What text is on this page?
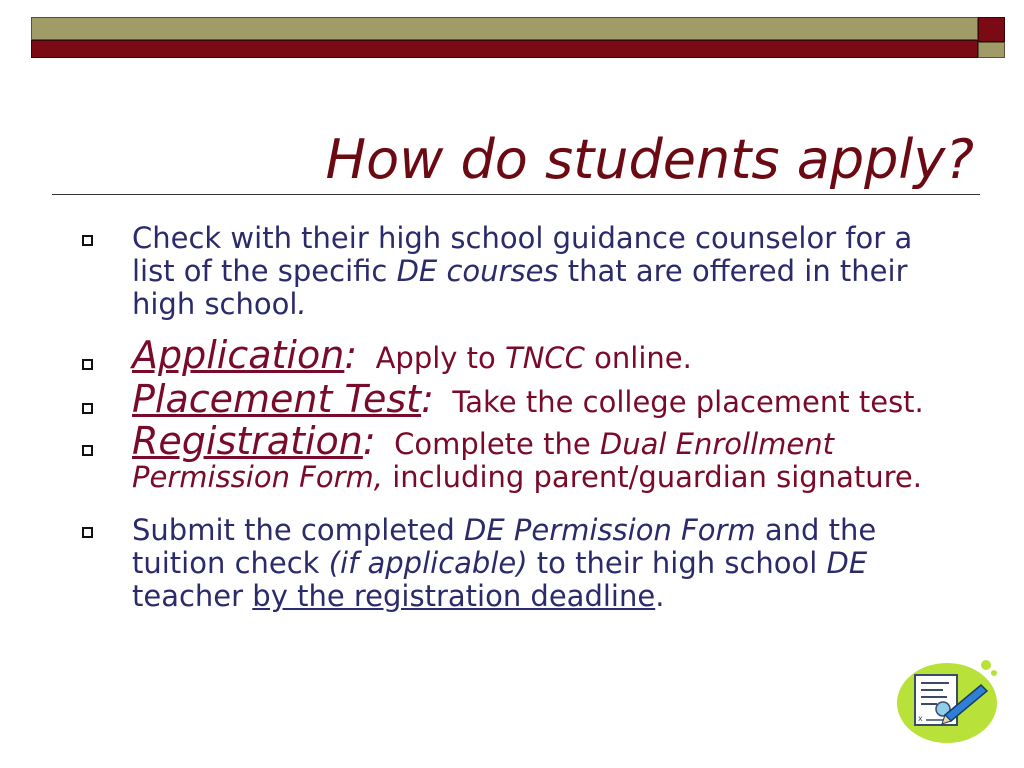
How do students apply?
Check with their high school guidance counselor for a list of the specific DE courses that are offered in their high school.
Application:  Apply to TNCC online.
Placement Test:  Take the college placement test.
Registration:  Complete the Dual Enrollment Permission Form, including parent/guardian signature.
Submit the completed DE Permission Form and the tuition check (if applicable) to their high school DE teacher by the registration deadline.
x
